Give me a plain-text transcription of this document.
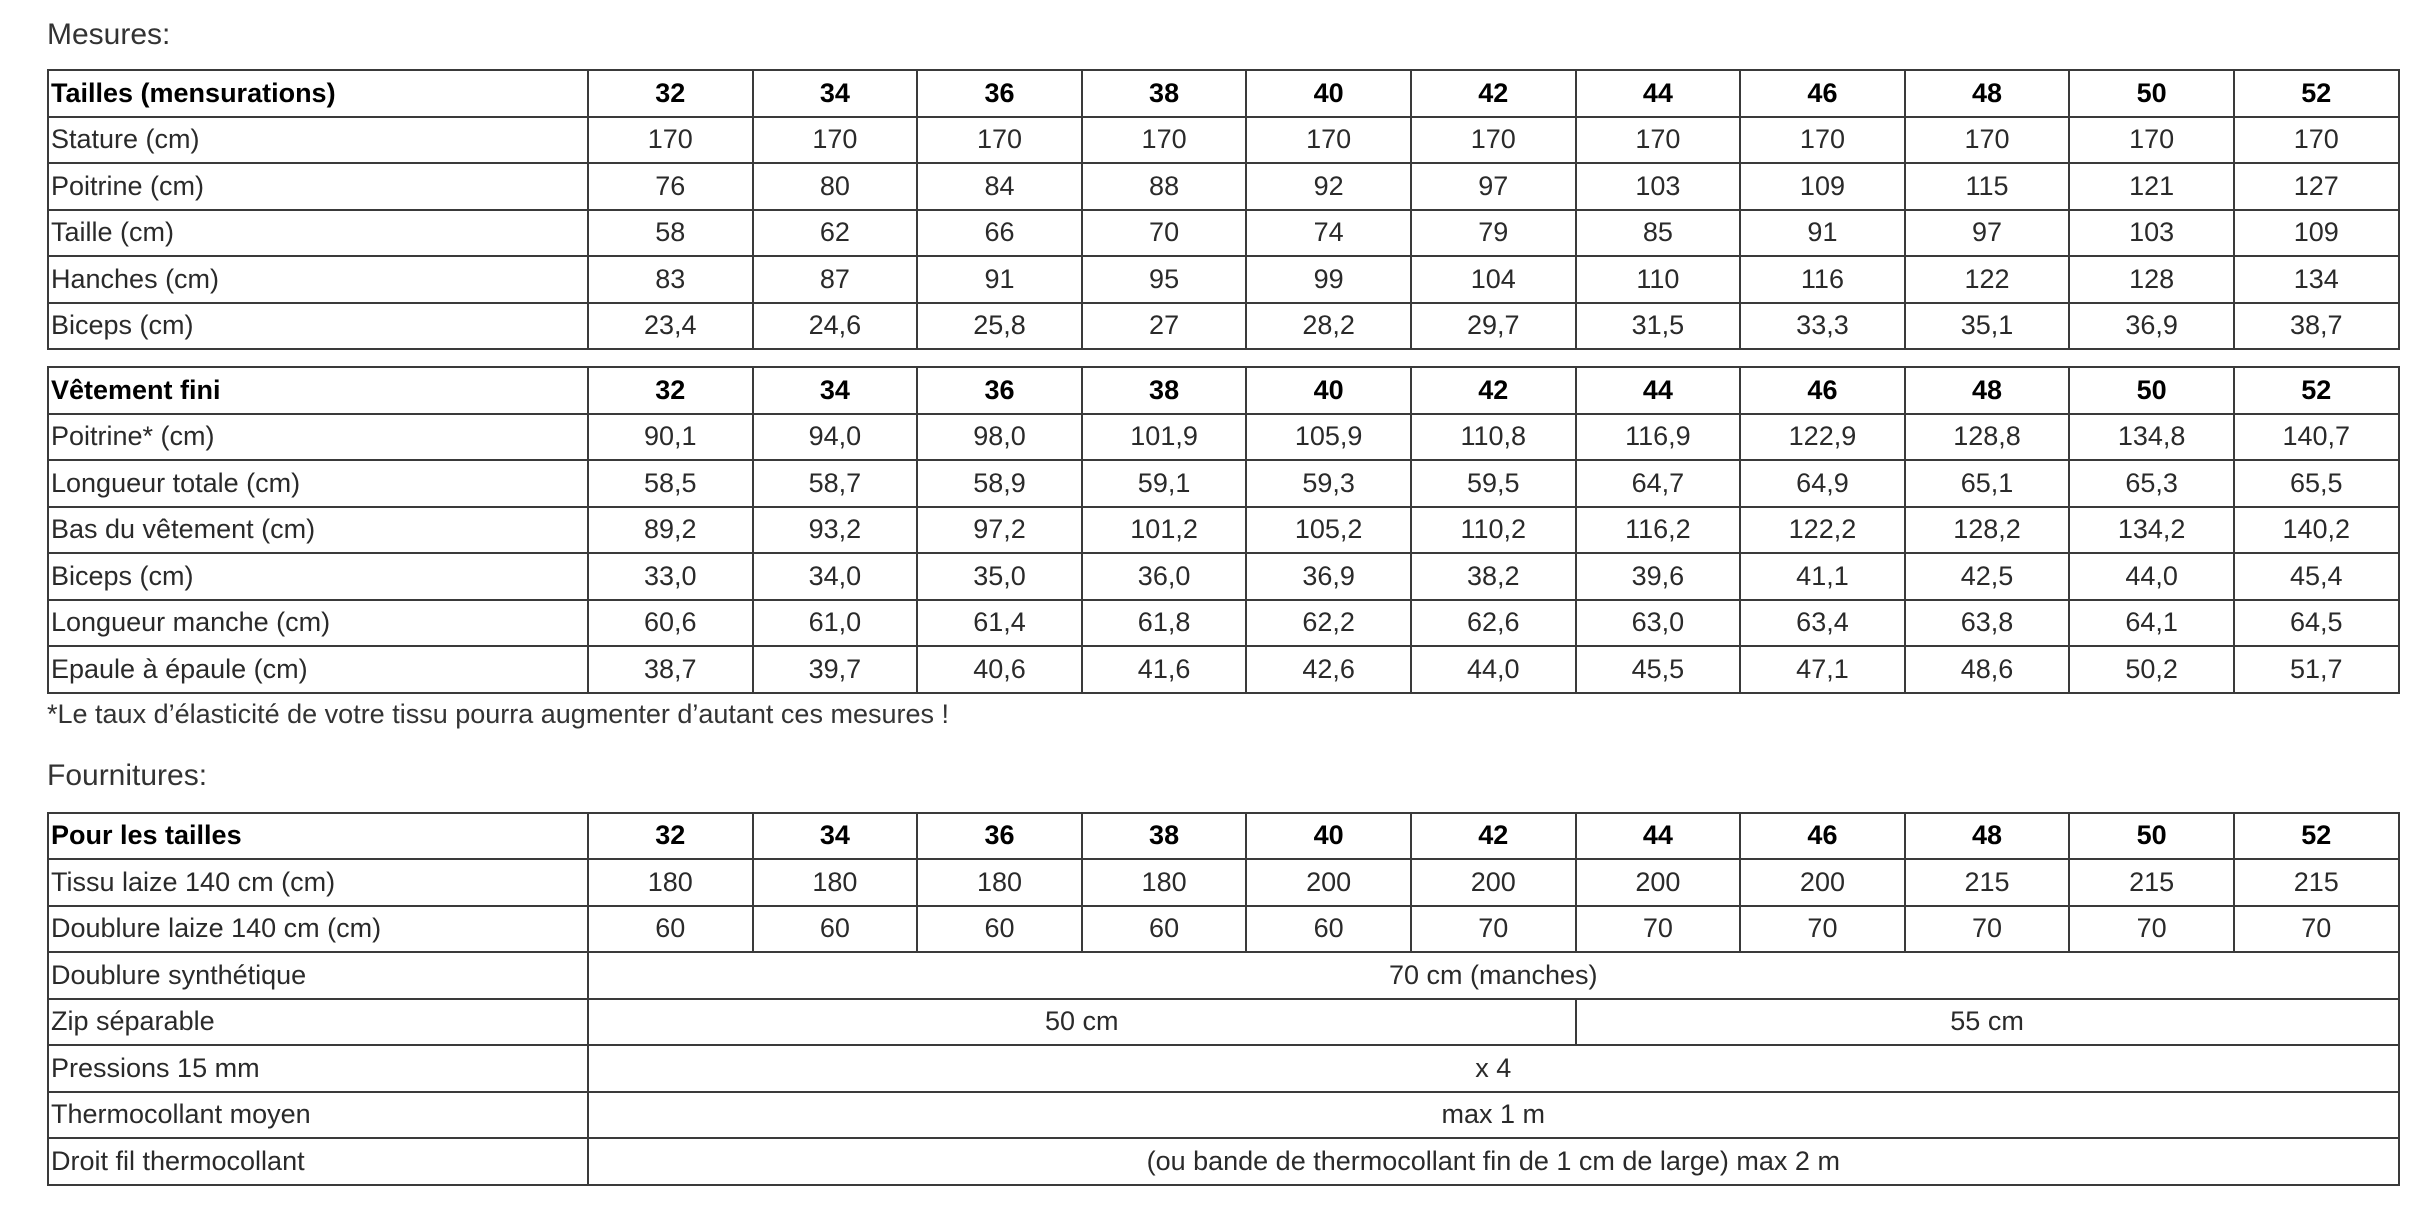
Mesures:

Tailles (mensurations)	32	34	36	38	40	42	44	46	48	50	52
Stature (cm)	170	170	170	170	170	170	170	170	170	170	170
Poitrine (cm)	76	80	84	88	92	97	103	109	115	121	127
Taille (cm)	58	62	66	70	74	79	85	91	97	103	109
Hanches (cm)	83	87	91	95	99	104	110	116	122	128	134
Biceps (cm)	23,4	24,6	25,8	27	28,2	29,7	31,5	33,3	35,1	36,9	38,7
Vêtement fini	32	34	36	38	40	42	44	46	48	50	52
Poitrine* (cm)	90,1	94,0	98,0	101,9	105,9	110,8	116,9	122,9	128,8	134,8	140,7
Longueur totale (cm)	58,5	58,7	58,9	59,1	59,3	59,5	64,7	64,9	65,1	65,3	65,5
Bas du vêtement (cm)	89,2	93,2	97,2	101,2	105,2	110,2	116,2	122,2	128,2	134,2	140,2
Biceps (cm)	33,0	34,0	35,0	36,0	36,9	38,2	39,6	41,1	42,5	44,0	45,4
Longueur manche (cm)	60,6	61,0	61,4	61,8	62,2	62,6	63,0	63,4	63,8	64,1	64,5
Epaule à épaule (cm)	38,7	39,7	40,6	41,6	42,6	44,0	45,5	47,1	48,6	50,2	51,7

*Le taux d’élasticité de votre tissu pourra augmenter d’autant ces mesures !

Fournitures:

Pour les tailles	32	34	36	38	40	42	44	46	48	50	52
Tissu laize 140 cm (cm)	180	180	180	180	200	200	200	200	215	215	215
Doublure laize 140 cm (cm)	60	60	60	60	60	70	70	70	70	70	70
Doublure synthétique	70 cm (manches)										
Zip séparable	50 cm						55 cm				
Pressions 15 mm	x 4										
Thermocollant moyen	max 1 m										
Droit fil thermocollant	(ou bande de thermocollant fin de 1 cm de large) max 2 m										
